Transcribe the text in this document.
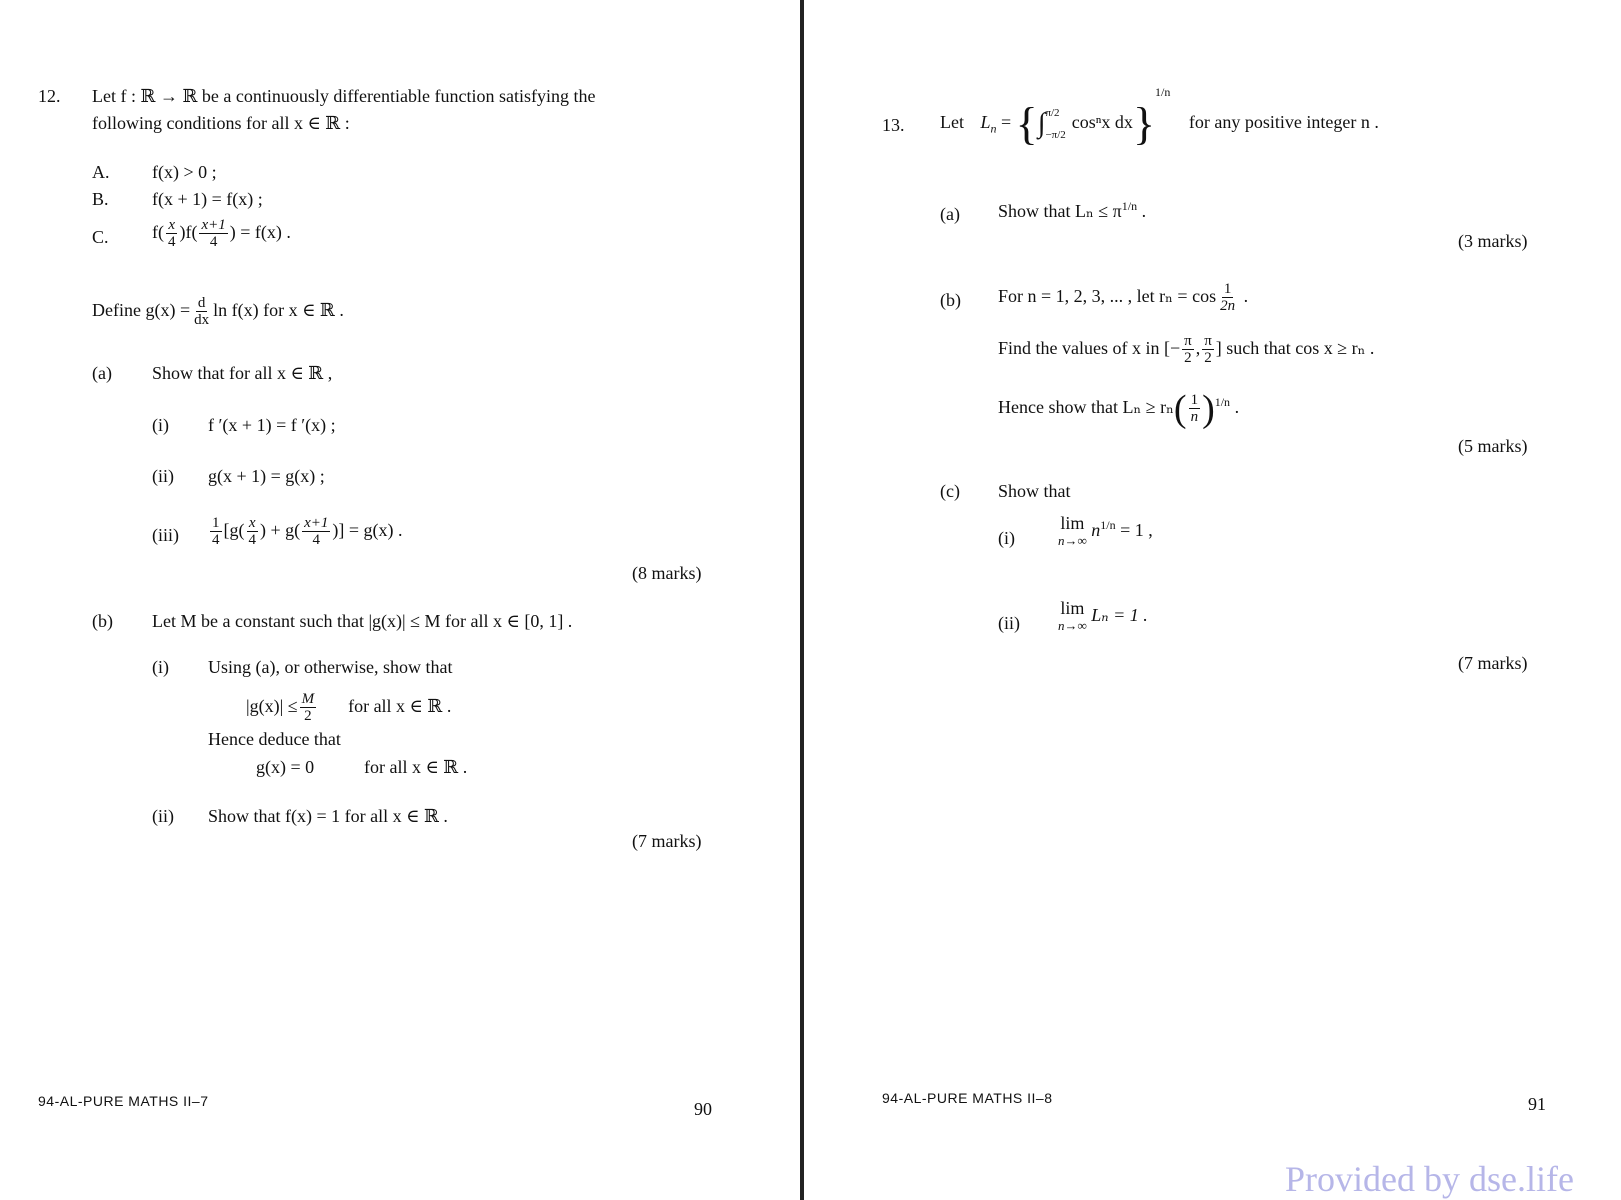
12. Let f : ℝ → ℝ be a continuously differentiable function satisfying the
following conditions for all x ∈ ℝ :
A. f(x) > 0 ;
B. f(x + 1) = f(x) ;
C. $f( \frac{x}{4} )f( \frac{x+1}{4}$ ) = f(x) .
Define $g(x) = \frac{d}{dx}$ ln f(x) for x ∈ ℝ .
(a) Show that for all x ∈ ℝ ,
(i) f ′(x + 1) = f ′(x) ;
(ii) g(x + 1) = g(x) ;
$(iii) \frac{1}{4} [g( \frac{x}{4}$ ) + $g( \frac{x+1}{4}$ )] = g(x) .
(8 marks)
(b) Let M be a constant such that |g(x)| ≤ M for all x ∈ [0, 1] .
(i) Using (a), or otherwise, show that
$|g(x)| \le \frac{M}{2}$ for all x ∈ ℝ .
Hence deduce that
g(x) = 0	for all x ∈ ℝ .
(ii) Show that f(x) = 1 for all x ∈ ℝ .
(7 marks)
94-AL-PURE MATHS II–7	90
13. Let $L_n$ = {∫ π/2
−π/2
cosⁿx dx}$^{1/n}$ for any positive integer n .
(a) Show that $L_n \le \pi^{1/n}$ .
(3 marks)
(b) For n = 1, 2, 3, ... , let $r_n = \cos \frac{1}{2n}$ .
Find the values of x in [− $\frac{\pi}{2}$ , $\frac{\pi}{2}$ ] such that cos x ≥ rₙ .
Hence show that $L_n \ge r_n( \frac{1}{n} )^{1/n}$ .
(5 marks)
(c) Show that
(i)
lim
n→∞
$n^{1/n} = 1$ ,
(ii)
lim
n→∞
Lₙ = 1 .
(7 marks)
94-AL-PURE MATHS II–8	91
Provided by dse.life
